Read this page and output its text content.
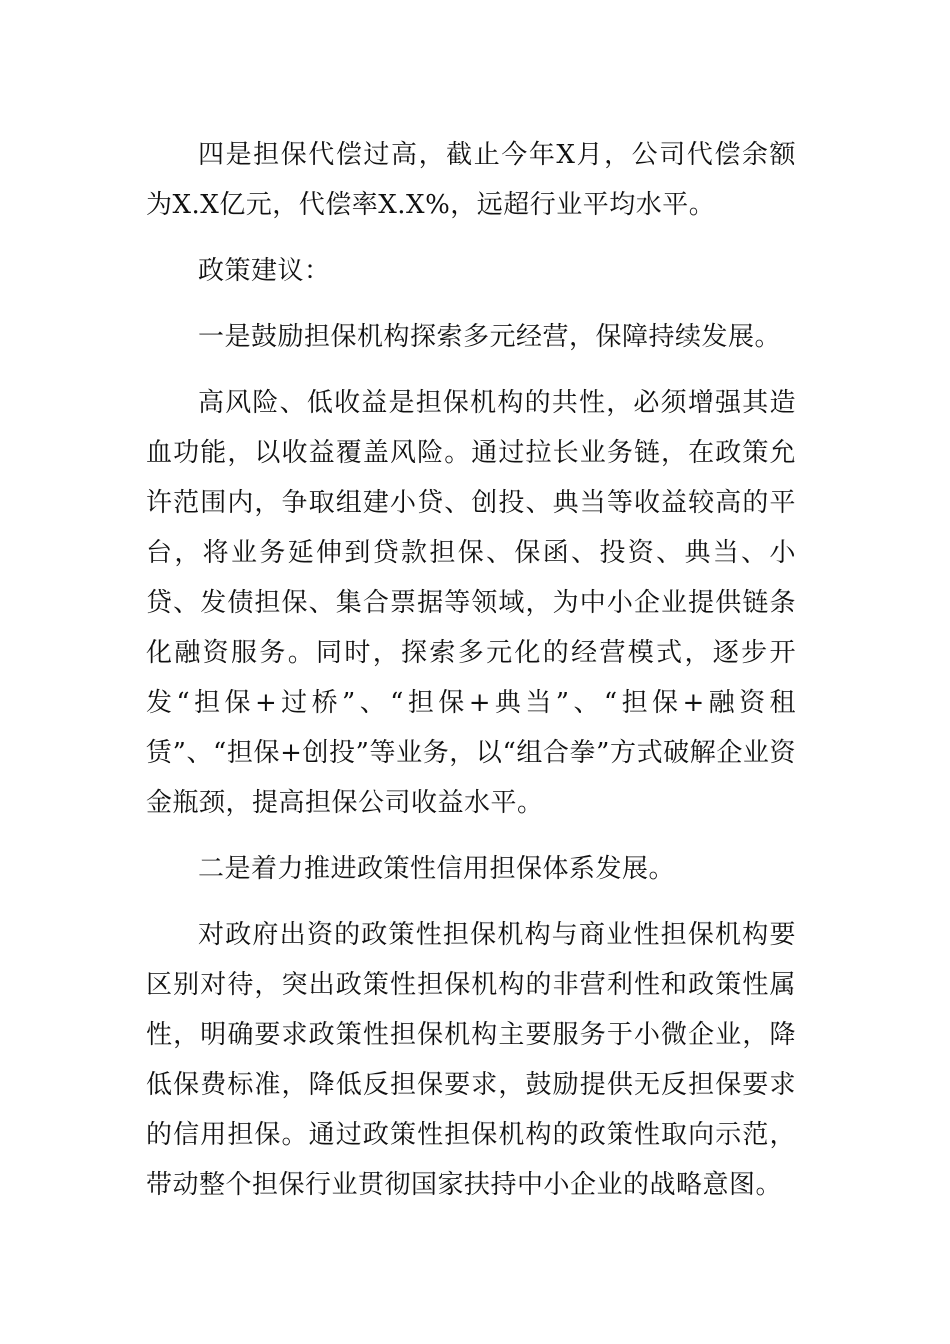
四是担保代偿过高，截止今年X月，公司代偿余额为X.X亿元，代偿率X.X%，远超行业平均水平。

政策建议：

一是鼓励担保机构探索多元经营，保障持续发展。

高风险、低收益是担保机构的共性，必须增强其造血功能，以收益覆盖风险。通过拉长业务链，在政策允许范围内，争取组建小贷、创投、典当等收益较高的平台，将业务延伸到贷款担保、保函、投资、典当、小贷、发债担保、集合票据等领域，为中小企业提供链条化融资服务。同时，探索多元化的经营模式，逐步开发“担保+过桥”、“担保+典当”、“担保+融资租赁”、“担保+创投”等业务，以“组合拳”方式破解企业资金瓶颈，提高担保公司收益水平。

二是着力推进政策性信用担保体系发展。

对政府出资的政策性担保机构与商业性担保机构要区别对待，突出政策性担保机构的非营利性和政策性属性，明确要求政策性担保机构主要服务于小微企业，降低保费标准，降低反担保要求，鼓励提供无反担保要求的信用担保。通过政策性担保机构的政策性取向示范，带动整个担保行业贯彻国家扶持中小企业的战略意图。
